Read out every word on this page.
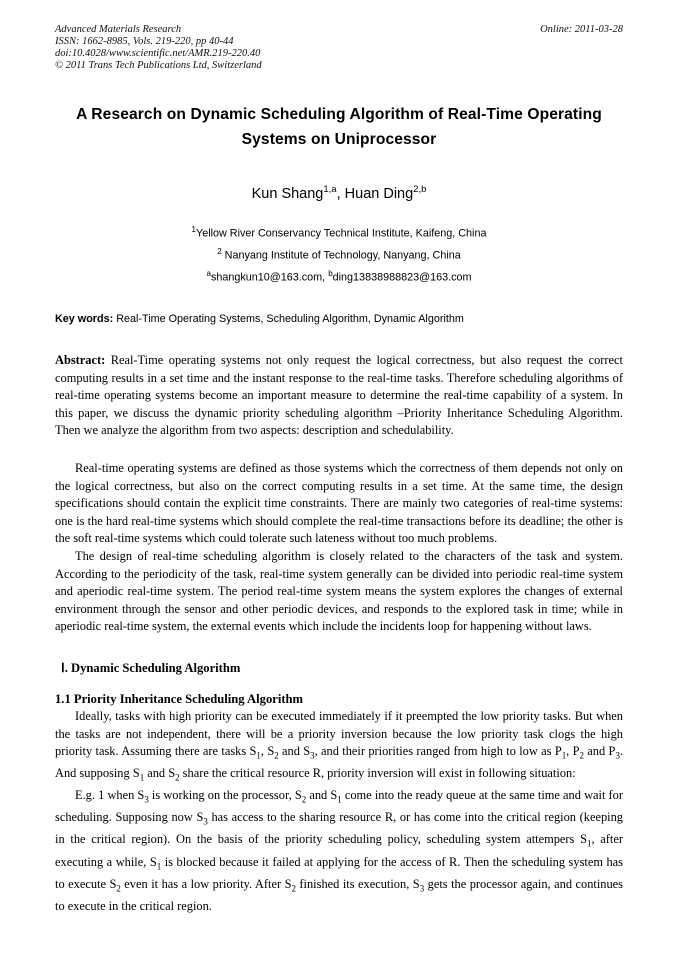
Advanced Materials Research
ISSN: 1662-8985, Vols. 219-220, pp 40-44
doi:10.4028/www.scientific.net/AMR.219-220.40
© 2011 Trans Tech Publications Ltd, Switzerland
Online: 2011-03-28
A Research on Dynamic Scheduling Algorithm of Real-Time Operating Systems on Uniprocessor
Kun Shang$^{1,a}$, Huan Ding$^{2,b}$
$^1$Yellow River Conservancy Technical Institute, Kaifeng, China
$^2$ Nanyang Institute of Technology, Nanyang, China
$^a$shangkun10@163.com, $^b$ding13838988823@163.com
Key words: Real-Time Operating Systems, Scheduling Algorithm, Dynamic Algorithm
Abstract: Real-Time operating systems not only request the logical correctness, but also request the correct computing results in a set time and the instant response to the real-time tasks. Therefore scheduling algorithms of real-time operating systems become an important measure to determine the real-time capability of a system. In this paper, we discuss the dynamic priority scheduling algorithm –Priority Inheritance Scheduling Algorithm. Then we analyze the algorithm from two aspects: description and schedulability.

Real-time operating systems are defined as those systems which the correctness of them depends not only on the logical correctness, but also on the correct computing results in a set time. At the same time, the design specifications should contain the explicit time constraints. There are mainly two categories of real-time systems: one is the hard real-time systems which should complete the real-time transactions before its deadline; the other is the soft real-time systems which could tolerate such lateness without too much problems.

The design of real-time scheduling algorithm is closely related to the characters of the task and system. According to the periodicity of the task, real-time system generally can be divided into periodic real-time system and aperiodic real-time system. The period real-time system means the system explores the changes of external environment through the sensor and other periodic devices, and responds to the explored task in time; while in aperiodic real-time system, the external events which include the incidents loop for happening without laws.

Ⅰ. Dynamic Scheduling Algorithm
1.1 Priority Inheritance Scheduling Algorithm

Ideally, tasks with high priority can be executed immediately if it preempted the low priority tasks. But when the tasks are not independent, there will be a priority inversion because the low priority task clogs the high priority task. Assuming there are tasks $S_1$, $S_2$ and $S_3$, and their priorities ranged from high to low as $P_1$, $P_2$ and $P_3$. And supposing $S_1$ and $S_2$ share the critical resource R, priority inversion will exist in following situation:

E.g. 1 when $S_3$ is working on the processor, $S_2$ and $S_1$ come into the ready queue at the same time and wait for scheduling. Supposing now $S_3$ has access to the sharing resource R, or has come into the critical region (keeping in the critical region). On the basis of the priority scheduling policy, scheduling system attempers $S_1$, after executing a while, $S_1$ is blocked because it failed at applying for the access of R. Then the scheduling system has to execute $S_2$ even it has a low priority. After $S_2$ finished its execution, $S_3$ gets the processor again, and continues to execute in the critical region.
